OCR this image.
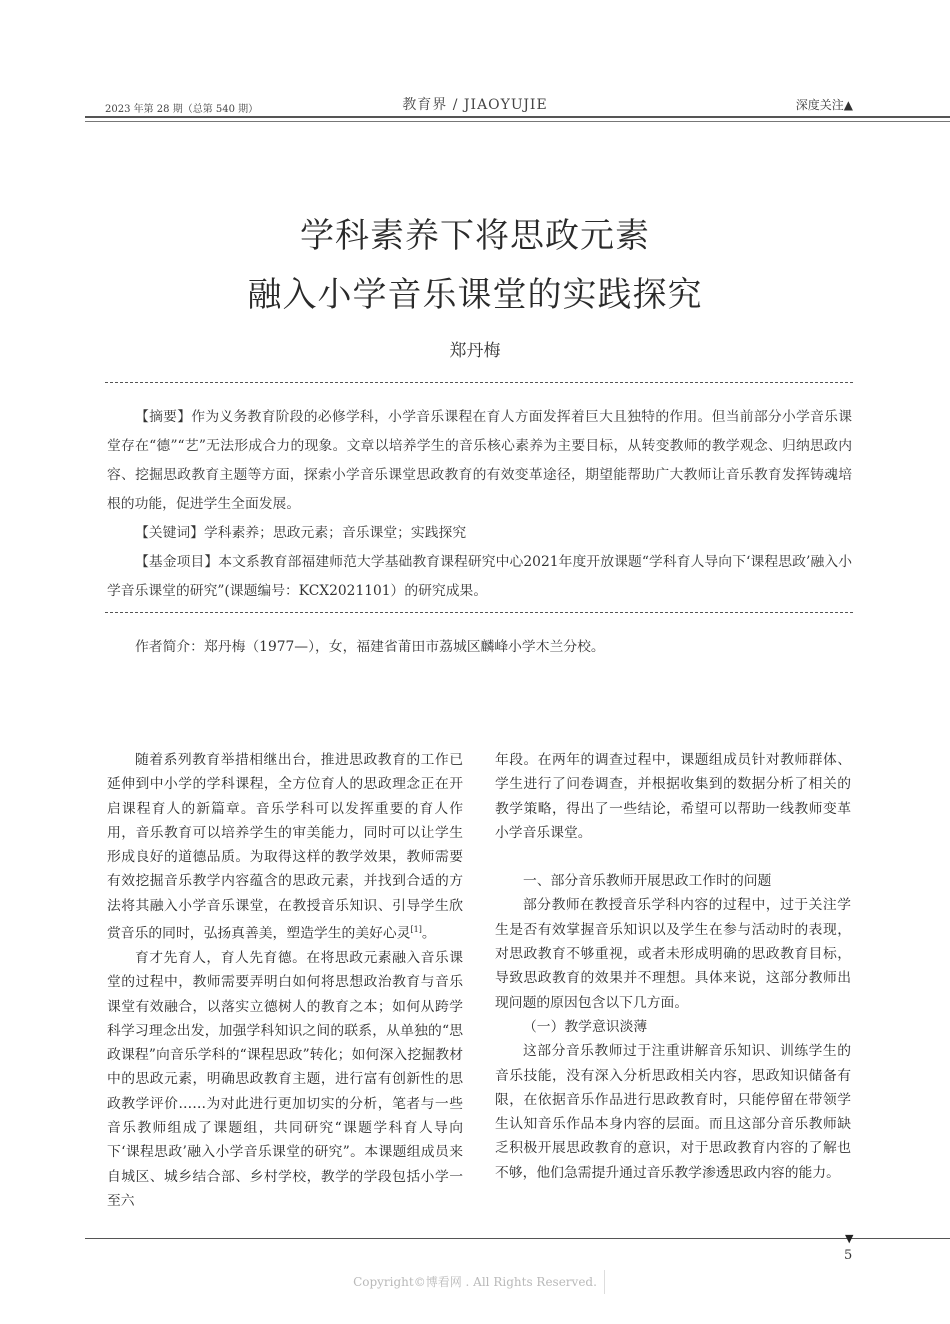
2023 年第 28 期（总第 540 期）	教育界 / JIAOYUJIE	深度关注▲
学科素养下将思政元素
融入小学音乐课堂的实践探究
郑丹梅

【摘要】作为义务教育阶段的必修学科，小学音乐课程在育人方面发挥着巨大且独特的作用。但当前部分小学音乐课堂存在“德”“艺”无法形成合力的现象。文章以培养学生的音乐核心素养为主要目标，从转变教师的教学观念、归纳思政内容、挖掘思政教育主题等方面，探索小学音乐课堂思政教育的有效变革途径，期望能帮助广大教师让音乐教育发挥铸魂培根的功能，促进学生全面发展。

【关键词】学科素养；思政元素；音乐课堂；实践探究

【基金项目】本文系教育部福建师范大学基础教育课程研究中心2021年度开放课题“学科育人导向下‘课程思政’融入小学音乐课堂的研究”(课题编号：KCX2021101）的研究成果。

作者简介：郑丹梅（1977—），女，福建省莆田市荔城区麟峰小学木兰分校。

随着系列教育举措相继出台，推进思政教育的工作已延伸到中小学的学科课程，全方位育人的思政理念正在开启课程育人的新篇章。音乐学科可以发挥重要的育人作用，音乐教育可以培养学生的审美能力，同时可以让学生形成良好的道德品质。为取得这样的教学效果，教师需要有效挖掘音乐教学内容蕴含的思政元素，并找到合适的方法将其融入小学音乐课堂，在教授音乐知识、引导学生欣赏音乐的同时，弘扬真善美，塑造学生的美好心灵[1]。

育才先育人，育人先育德。在将思政元素融入音乐课堂的过程中，教师需要弄明白如何将思想政治教育与音乐课堂有效融合，以落实立德树人的教育之本；如何从跨学科学习理念出发，加强学科知识之间的联系，从单独的“思政课程”向音乐学科的“课程思政”转化；如何深入挖掘教材中的思政元素，明确思政教育主题，进行富有创新性的思政教学评价……为对此进行更加切实的分析，笔者与一些音乐教师组成了课题组，共同研究“课题学科育人导向下‘课程思政’融入小学音乐课堂的研究”。本课题组成员来自城区、城乡结合部、乡村学校，教学的学段包括小学一至六

年段。在两年的调查过程中，课题组成员针对教师群体、学生进行了问卷调查，并根据收集到的数据分析了相关的教学策略，得出了一些结论，希望可以帮助一线教师变革小学音乐课堂。

一、部分音乐教师开展思政工作时的问题

部分教师在教授音乐学科内容的过程中，过于关注学生是否有效掌握音乐知识以及学生在参与活动时的表现，对思政教育不够重视，或者未形成明确的思政教育目标，导致思政教育的效果并不理想。具体来说，这部分教师出现问题的原因包含以下几方面。

（一）教学意识淡薄

这部分音乐教师过于注重讲解音乐知识、训练学生的音乐技能，没有深入分析思政相关内容，思政知识储备有限，在依据音乐作品进行思政教育时，只能停留在带领学生认知音乐作品本身内容的层面。而且这部分音乐教师缺乏积极开展思政教育的意识，对于思政教育内容的了解也不够，他们急需提升通过音乐教学渗透思政内容的能力。

▼
5
Copyright©博看网 . All Rights Reserved.
